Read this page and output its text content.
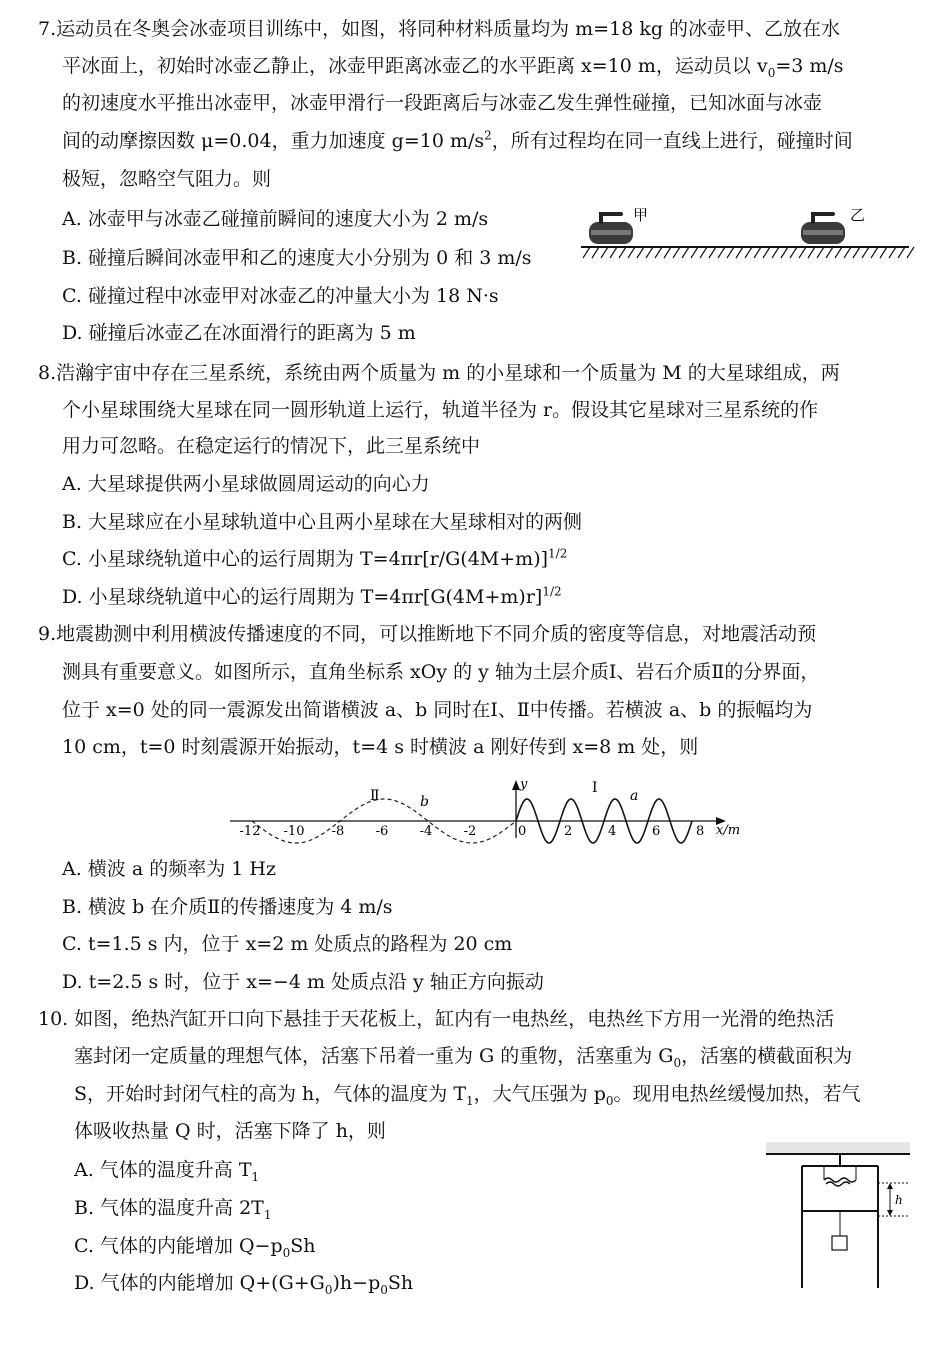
7.运动员在冬奥会冰壶项目训练中，如图，将同种材料质量均为 m=18 kg 的冰壶甲、乙放在水
平冰面上，初始时冰壶乙静止，冰壶甲距离冰壶乙的水平距离 x=10 m，运动员以 $v_0=3$ m/s
的初速度水平推出冰壶甲，冰壶甲滑行一段距离后与冰壶乙发生弹性碰撞，已知冰面与冰壶
间的动摩擦因数 μ=0.04，重力加速度 g=10 $m/s^2$，所有过程均在同一直线上进行，碰撞时间
极短，忽略空气阻力。则
A. 冰壶甲与冰壶乙碰撞前瞬间的速度大小为 2 m/s
B. 碰撞后瞬间冰壶甲和乙的速度大小分别为 0 和 3 m/s
C. 碰撞过程中冰壶甲对冰壶乙的冲量大小为 18 N·s
D. 碰撞后冰壶乙在冰面滑行的距离为 5 m
甲	乙
8.浩瀚宇宙中存在三星系统，系统由两个质量为 m 的小星球和一个质量为 M 的大星球组成，两
个小星球围绕大星球在同一圆形轨道上运行，轨道半径为 r。假设其它星球对三星系统的作
用力可忽略。在稳定运行的情况下，此三星系统中
A. 大星球提供两小星球做圆周运动的向心力
B. 大星球应在小星球轨道中心且两小星球在大星球相对的两侧
C. 小星球绕轨道中心的运行周期为 $T=4\pi r[r/G(4M+m)]^{1/2}$
D. 小星球绕轨道中心的运行周期为 $T=4\pi r[G(4M+m)r]^{1/2}$
9.地震勘测中利用横波传播速度的不同，可以推断地下不同介质的密度等信息，对地震活动预
测具有重要意义。如图所示，直角坐标系 xOy 的 y 轴为土层介质Ⅰ、岩石介质Ⅱ的分界面，
位于 x=0 处的同一震源发出简谐横波 a、b 同时在Ⅰ、Ⅱ中传播。若横波 a、b 的振幅均为
10 cm，t=0 时刻震源开始振动，t=4 s 时横波 a 刚好传到 x=8 m 处，则
y
x/m
-12 -10 -8 -6 -4 -2	0	2	4	6	8
Ⅱ	Ⅰ
b	a
A. 横波 a 的频率为 1 Hz
B. 横波 b 在介质Ⅱ的传播速度为 4 m/s
C. t=1.5 s 内，位于 x=2 m 处质点的路程为 20 cm
D. t=2.5 s 时，位于 x=−4 m 处质点沿 y 轴正方向振动
10. 如图，绝热汽缸开口向下悬挂于天花板上，缸内有一电热丝，电热丝下方用一光滑的绝热活
塞封闭一定质量的理想气体，活塞下吊着一重为 G 的重物，活塞重为 $G_0$，活塞的横截面积为
S，开始时封闭气柱的高为 h，气体的温度为 $T_1$，大气压强为 $p_0$。现用电热丝缓慢加热，若气
体吸收热量 Q 时，活塞下降了 h，则
A. 气体的温度升高 $T_1$
B. 气体的温度升高 $2T_1$
C. 气体的内能增加 $Q-p_0Sh$
D. 气体的内能增加 $Q+(G+G_0)h-p_0Sh$
h
